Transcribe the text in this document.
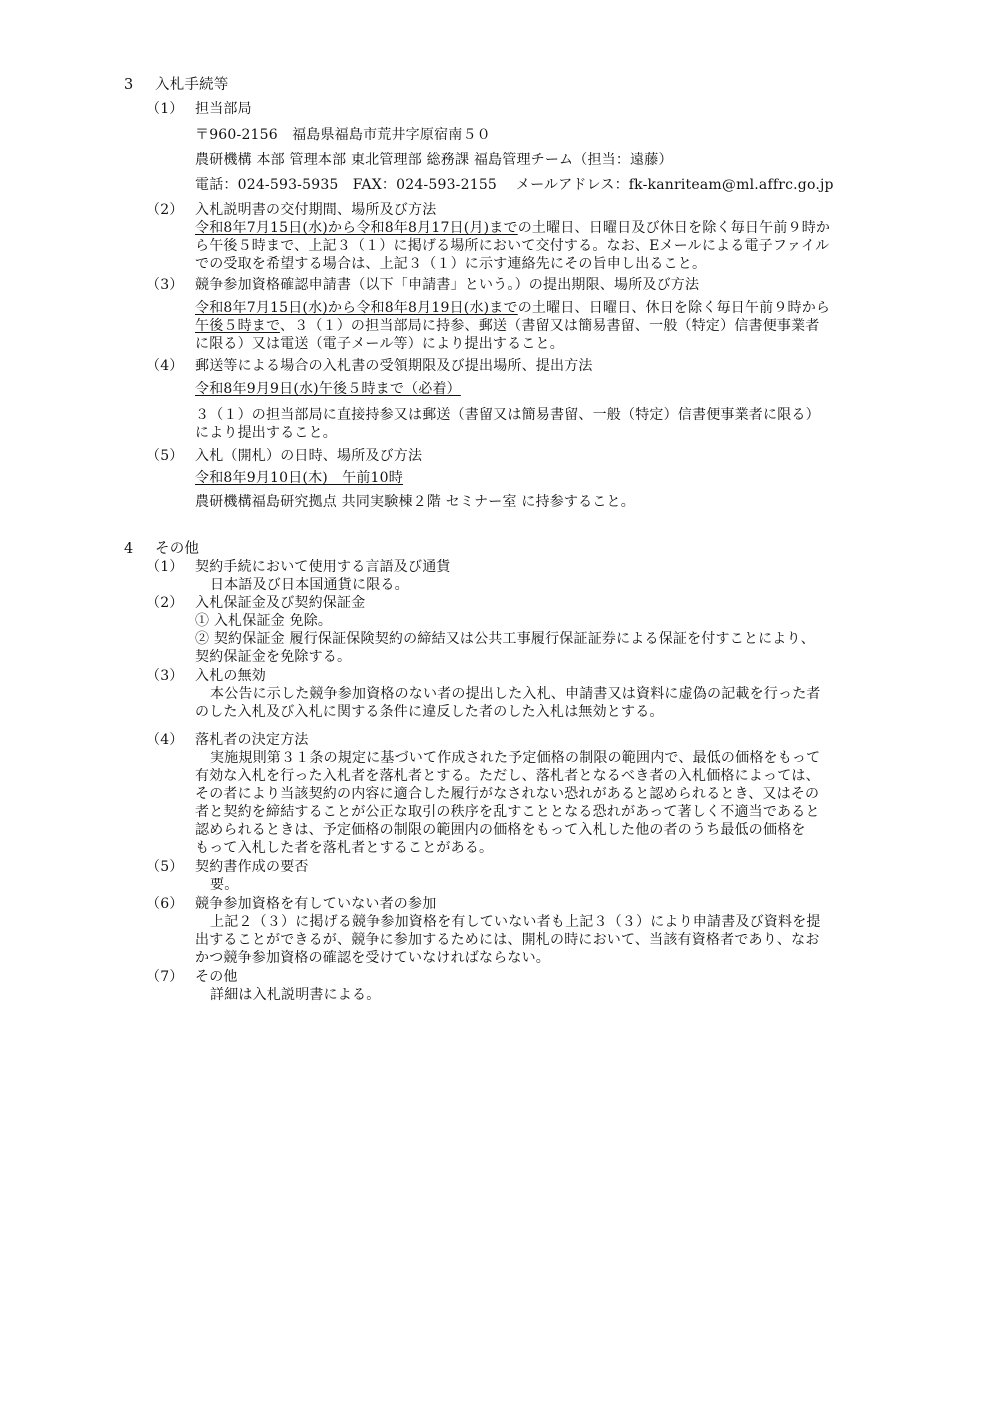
3 入札手続等
（1） 担当部局
〒960-2156　福島県福島市荒井字原宿南５０
農研機構 本部 管理本部 東北管理部 総務課 福島管理チーム（担当：遠藤）
電話：024-593-5935　FAX：024-593-2155　 メールアドレス：fk-kanriteam@ml.affrc.go.jp
（2） 入札説明書の交付期間、場所及び方法
令和8年7月15日(水)から令和8年8月17日(月)までの土曜日、日曜日及び休日を除く毎日午前９時か
ら午後５時まで、上記３（１）に掲げる場所において交付する。なお、Eメールによる電子ファイル
での受取を希望する場合は、上記３（１）に示す連絡先にその旨申し出ること。
（3） 競争参加資格確認申請書（以下「申請書」という。）の提出期限、場所及び方法
令和8年7月15日(水)から令和8年8月19日(水)までの土曜日、日曜日、休日を除く毎日午前９時から
午後５時まで、３（１）の担当部局に持参、郵送（書留又は簡易書留、一般（特定）信書便事業者
に限る）又は電送（電子メール等）により提出すること。
（4） 郵送等による場合の入札書の受領期限及び提出場所、提出方法
令和8年9月9日(水)午後５時まで（必着）
３（１）の担当部局に直接持参又は郵送（書留又は簡易書留、一般（特定）信書便事業者に限る）
により提出すること。
（5） 入札（開札）の日時、場所及び方法
令和8年9月10日(木)　午前10時
農研機構福島研究拠点 共同実験棟２階 セミナー室 に持参すること。
4 その他
（1） 契約手続において使用する言語及び通貨
日本語及び日本国通貨に限る。
（2） 入札保証金及び契約保証金
① 入札保証金 免除。
② 契約保証金 履行保証保険契約の締結又は公共工事履行保証証券による保証を付すことにより、
契約保証金を免除する。
（3） 入札の無効
本公告に示した競争参加資格のない者の提出した入札、申請書又は資料に虚偽の記載を行った者
のした入札及び入札に関する条件に違反した者のした入札は無効とする。
（4） 落札者の決定方法
実施規則第３１条の規定に基づいて作成された予定価格の制限の範囲内で、最低の価格をもって
有効な入札を行った入札者を落札者とする。ただし、落札者となるべき者の入札価格によっては、
その者により当該契約の内容に適合した履行がなされない恐れがあると認められるとき、又はその
者と契約を締結することが公正な取引の秩序を乱すこととなる恐れがあって著しく不適当であると
認められるときは、予定価格の制限の範囲内の価格をもって入札した他の者のうち最低の価格を
もって入札した者を落札者とすることがある。
（5） 契約書作成の要否
要。
（6） 競争参加資格を有していない者の参加
上記２（３）に掲げる競争参加資格を有していない者も上記３（３）により申請書及び資料を提
出することができるが、競争に参加するためには、開札の時において、当該有資格者であり、なお
かつ競争参加資格の確認を受けていなければならない。
（7） その他
詳細は入札説明書による。
